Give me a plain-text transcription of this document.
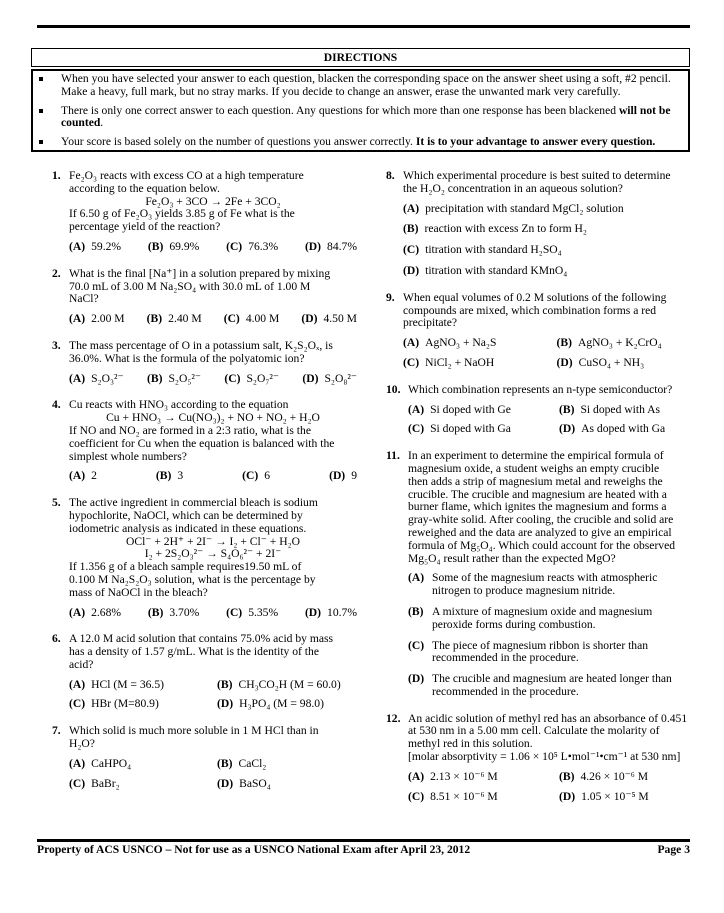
DIRECTIONS
When you have selected your answer to each question, blacken the corresponding space on the answer sheet using a soft, #2 pencil. Make a heavy, full mark, but no stray marks. If you decide to change an answer, erase the unwanted mark very carefully.
There is only one correct answer to each question. Any questions for which more than one response has been blackened will not be counted.
Your score is based solely on the number of questions you answer correctly. It is to your advantage to answer every question.
1. Fe₂O₃ reacts with excess CO at a high temperature
according to the equation below.
Fe₂O₃ + 3CO → 2Fe + 3CO₂
If 6.50 g of Fe₂O₃ yields 3.85 g of Fe what is the
percentage yield of the reaction?
(A) 59.2% (B) 69.9% (C) 76.3% (D) 84.7%
2. What is the final [Na⁺] in a solution prepared by mixing
70.0 mL of 3.00 M Na₂SO₄ with 30.0 mL of 1.00 M
NaCl?
(A) 2.00 M (B) 2.40 M (C) 4.00 M (D) 4.50 M
3. The mass percentage of O in a potassium salt, K₂S₂Oₓ, is
36.0%. What is the formula of the polyatomic ion?
(A) S₂O₃²⁻ (B) S₂O₅²⁻ (C) S₂O₇²⁻ (D) S₂O₈²⁻
4. Cu reacts with HNO₃ according to the equation
Cu + HNO₃ → Cu(NO₃)₂ + NO + NO₂ + H₂O
If NO and NO₂ are formed in a 2:3 ratio, what is the
coefficient for Cu when the equation is balanced with the
simplest whole numbers?
(A) 2	(B) 3	(C) 6	(D) 9
5. The active ingredient in commercial bleach is sodium
hypochlorite, NaOCl, which can be determined by
iodometric analysis as indicated in these equations.
OCl⁻ + 2H⁺ + 2I⁻ → I₂ + Cl⁻ + H₂O
I₂ + 2S₂O₃²⁻ → S₄O₆²⁻ + 2I⁻
If 1.356 g of a bleach sample requires19.50 mL of
0.100 M Na₂S₂O₃ solution, what is the percentage by
mass of NaOCl in the bleach?
(A) 2.68% (B) 3.70% (C) 5.35% (D) 10.7%
6. A 12.0 M acid solution that contains 75.0% acid by mass
has a density of 1.57 g/mL. What is the identity of the
acid?
(A) HCl (M = 36.5)	(B) CH₃CO₂H (M = 60.0)
(C) HBr (M=80.9)	(D) H₃PO₄ (M = 98.0)
7. Which solid is much more soluble in 1 M HCl than in
H₂O?
(A) CaHPO₄	(B) CaCl₂
(C) BaBr₂	(D) BaSO₄
8. Which experimental procedure is best suited to determine
the H₂O₂ concentration in an aqueous solution?
(A) precipitation with standard MgCl₂ solution
(B) reaction with excess Zn to form H₂
(C) titration with standard H₂SO₄
(D) titration with standard KMnO₄
9. When equal volumes of 0.2 M solutions of the following
compounds are mixed, which combination forms a red
precipitate?
(A) AgNO₃ + Na₂S	(B) AgNO₃ + K₂CrO₄
(C) NiCl₂ + NaOH	(D) CuSO₄ + NH₃
10. Which combination represents an n-type semiconductor?
(A) Si doped with Ge	(B) Si doped with As
(C) Si doped with Ga	(D) As doped with Ga
11. In an experiment to determine the empirical formula of
magnesium oxide, a student weighs an empty crucible
then adds a strip of magnesium metal and reweighs the
crucible. The crucible and magnesium are heated with a
burner flame, which ignites the magnesium and forms a
gray-white solid. After cooling, the crucible and solid are
reweighed and the data are analyzed to give an empirical
formula of Mg₅O₄. Which could account for the observed
Mg₅O₄ result rather than the expected MgO?
(A) Some of the magnesium reacts with atmospheric
nitrogen to produce magnesium nitride.
(B) A mixture of magnesium oxide and magnesium
peroxide forms during combustion.
(C) The piece of magnesium ribbon is shorter than
recommended in the procedure.
(D) The crucible and magnesium are heated longer than
recommended in the procedure.
12. An acidic solution of methyl red has an absorbance of 0.451
at 530 nm in a 5.00 mm cell. Calculate the molarity of
methyl red in this solution.
[molar absorptivity = 1.06 × 10⁵ L•mol⁻¹•cm⁻¹ at 530 nm]
(A) 2.13 × 10⁻⁶ M	(B) 4.26 × 10⁻⁶ M
(C) 8.51 × 10⁻⁶ M	(D) 1.05 × 10⁻⁵ M
Property of ACS USNCO – Not for use as a USNCO National Exam after April 23, 2012	Page 3
